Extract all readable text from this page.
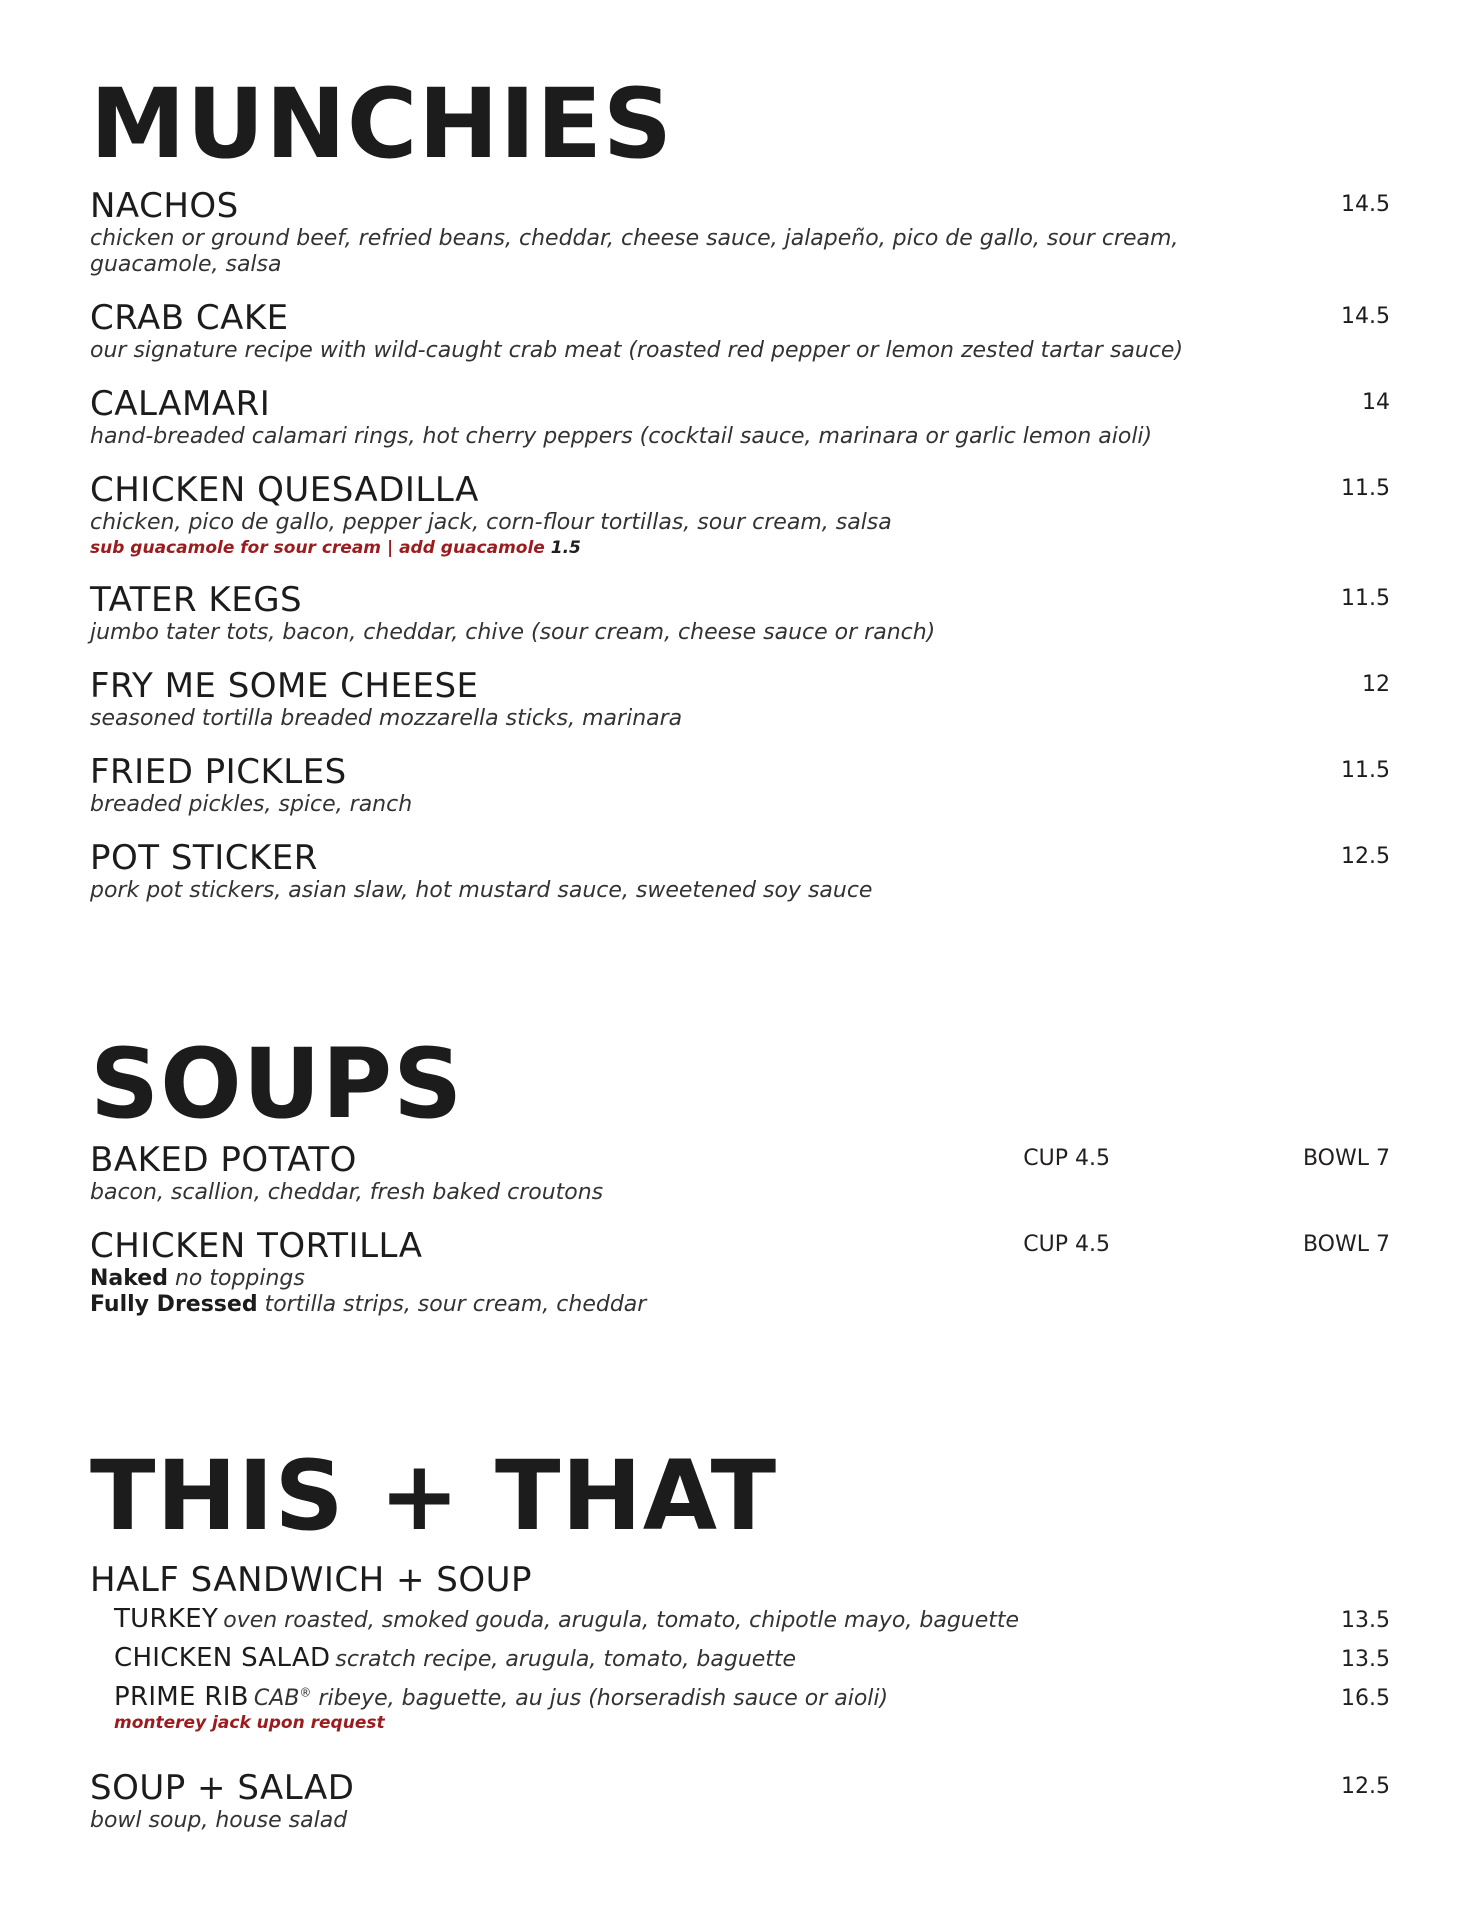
MUNCHIES
NACHOS
chicken or ground beef, refried beans, cheddar, cheese sauce, jalapeño, pico de gallo, sour cream, guacamole, salsa
14.5
CRAB CAKE
our signature recipe with wild-caught crab meat (roasted red pepper or lemon zested tartar sauce)
14.5
CALAMARI
hand-breaded calamari rings, hot cherry peppers (cocktail sauce, marinara or garlic lemon aioli)
14
CHICKEN QUESADILLA
chicken, pico de gallo, pepper jack, corn-flour tortillas, sour cream, salsa
sub guacamole for sour cream | add guacamole 1.5
11.5
TATER KEGS
jumbo tater tots, bacon, cheddar, chive (sour cream, cheese sauce or ranch)
11.5
FRY ME SOME CHEESE
seasoned tortilla breaded mozzarella sticks, marinara
12
FRIED PICKLES
breaded pickles, spice, ranch
11.5
POT STICKER
pork pot stickers, asian slaw, hot mustard sauce, sweetened soy sauce
12.5
SOUPS
BAKED POTATO
bacon, scallion, cheddar, fresh baked croutons
CUP 4.5	BOWL 7
CHICKEN TORTILLA
Naked no toppings
Fully Dressed tortilla strips, sour cream, cheddar
CUP 4.5	BOWL 7
THIS + THAT
HALF SANDWICH + SOUP
TURKEY oven roasted, smoked gouda, arugula, tomato, chipotle mayo, baguette	13.5
CHICKEN SALAD scratch recipe, arugula, tomato, baguette	13.5
PRIME RIB CAB® ribeye, baguette, au jus (horseradish sauce or aioli)
monterey jack upon request
16.5
SOUP + SALAD
bowl soup, house salad
12.5
